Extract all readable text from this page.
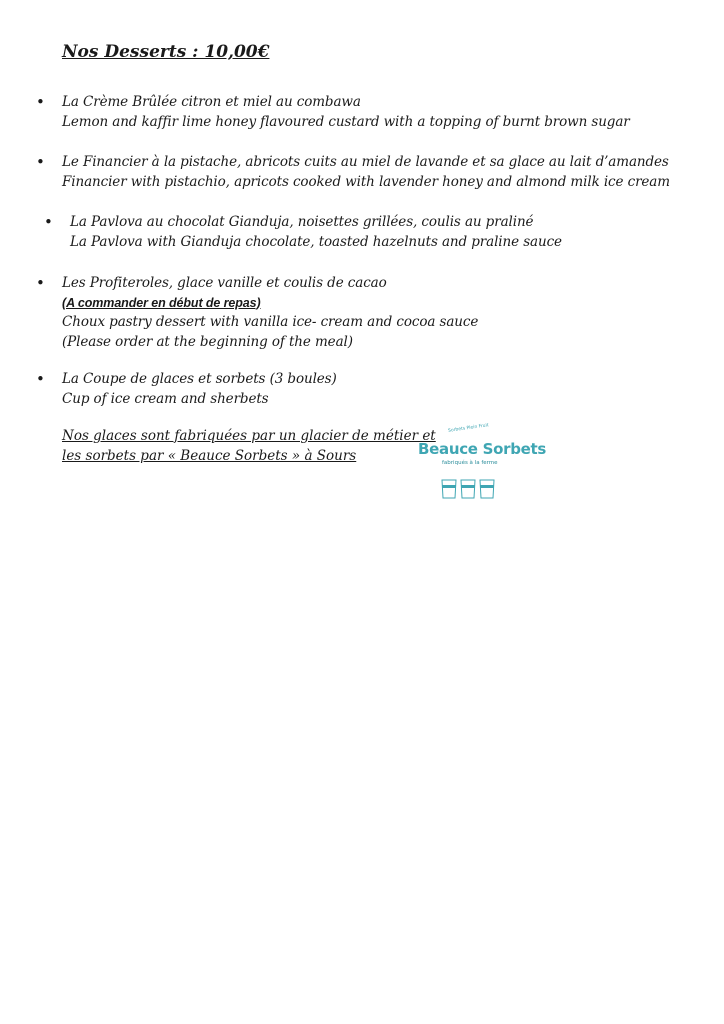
Nos Desserts : 10,00€
• La Crème Brûlée citron et miel au combawa
Lemon and kaffir lime honey flavoured custard with a topping of burnt brown sugar
• Le Financier à la pistache, abricots cuits au miel de lavande et sa glace au lait d’amandes
Financier with pistachio, apricots cooked with lavender honey and almond milk ice cream
• La Pavlova au chocolat Gianduja, noisettes grillées, coulis au praliné
La Pavlova with Gianduja chocolate, toasted hazelnuts and praline sauce
• Les Profiteroles, glace vanille et coulis de cacao
(A commander en début de repas)
Choux pastry dessert with vanilla ice- cream and cocoa sauce
(Please order at the beginning of the meal)
• La Coupe de glaces et sorbets (3 boules)
Cup of ice cream and sherbets
Nos glaces sont fabriquées par un glacier de métier et
les sorbets par « Beauce Sorbets » à Sours
Sorbets Plein Fruit
Beauce Sorbets
fabriqués à la ferme
